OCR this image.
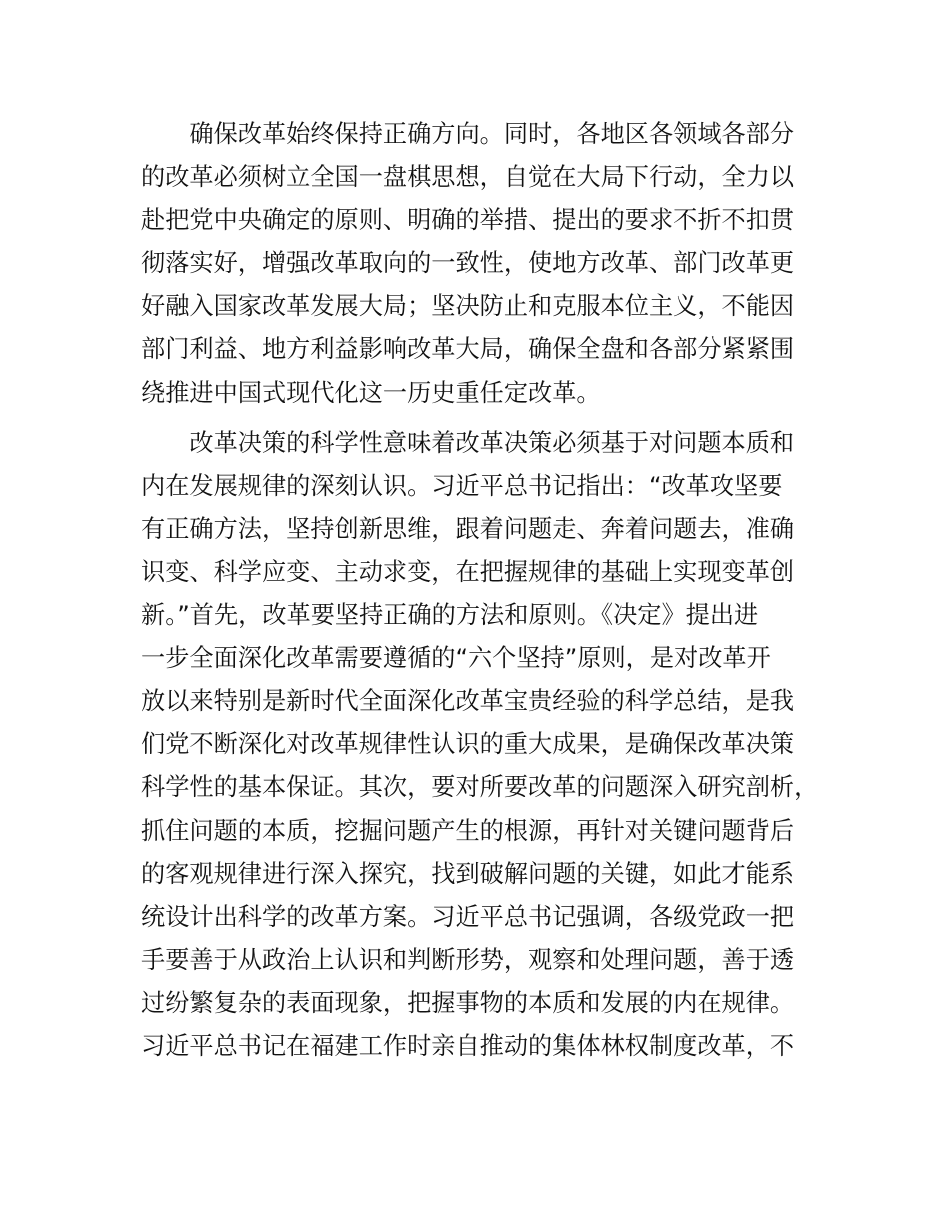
　　确保改革始终保持正确方向。同时，各地区各领域各部分
的改革必须树立全国一盘棋思想，自觉在大局下行动，全力以
赴把党中央确定的原则、明确的举措、提出的要求不折不扣贯
彻落实好，增强改革取向的一致性，使地方改革、部门改革更
好融入国家改革发展大局；坚决防止和克服本位主义，不能因
部门利益、地方利益影响改革大局，确保全盘和各部分紧紧围
绕推进中国式现代化这一历史重任定改革。
　　改革决策的科学性意味着改革决策必须基于对问题本质和
内在发展规律的深刻认识。习近平总书记指出：“改革攻坚要
有正确方法，坚持创新思维，跟着问题走、奔着问题去，准确
识变、科学应变、主动求变，在把握规律的基础上实现变革创
新。”首先，改革要坚持正确的方法和原则。《决定》提出进
一步全面深化改革需要遵循的“六个坚持”原则，是对改革开
放以来特别是新时代全面深化改革宝贵经验的科学总结，是我
们党不断深化对改革规律性认识的重大成果，是确保改革决策
科学性的基本保证。其次，要对所要改革的问题深入研究剖析，
抓住问题的本质，挖掘问题产生的根源，再针对关键问题背后
的客观规律进行深入探究，找到破解问题的关键，如此才能系
统设计出科学的改革方案。习近平总书记强调，各级党政一把
手要善于从政治上认识和判断形势，观察和处理问题，善于透
过纷繁复杂的表面现象，把握事物的本质和发展的内在规律。
习近平总书记在福建工作时亲自推动的集体林权制度改革，不
